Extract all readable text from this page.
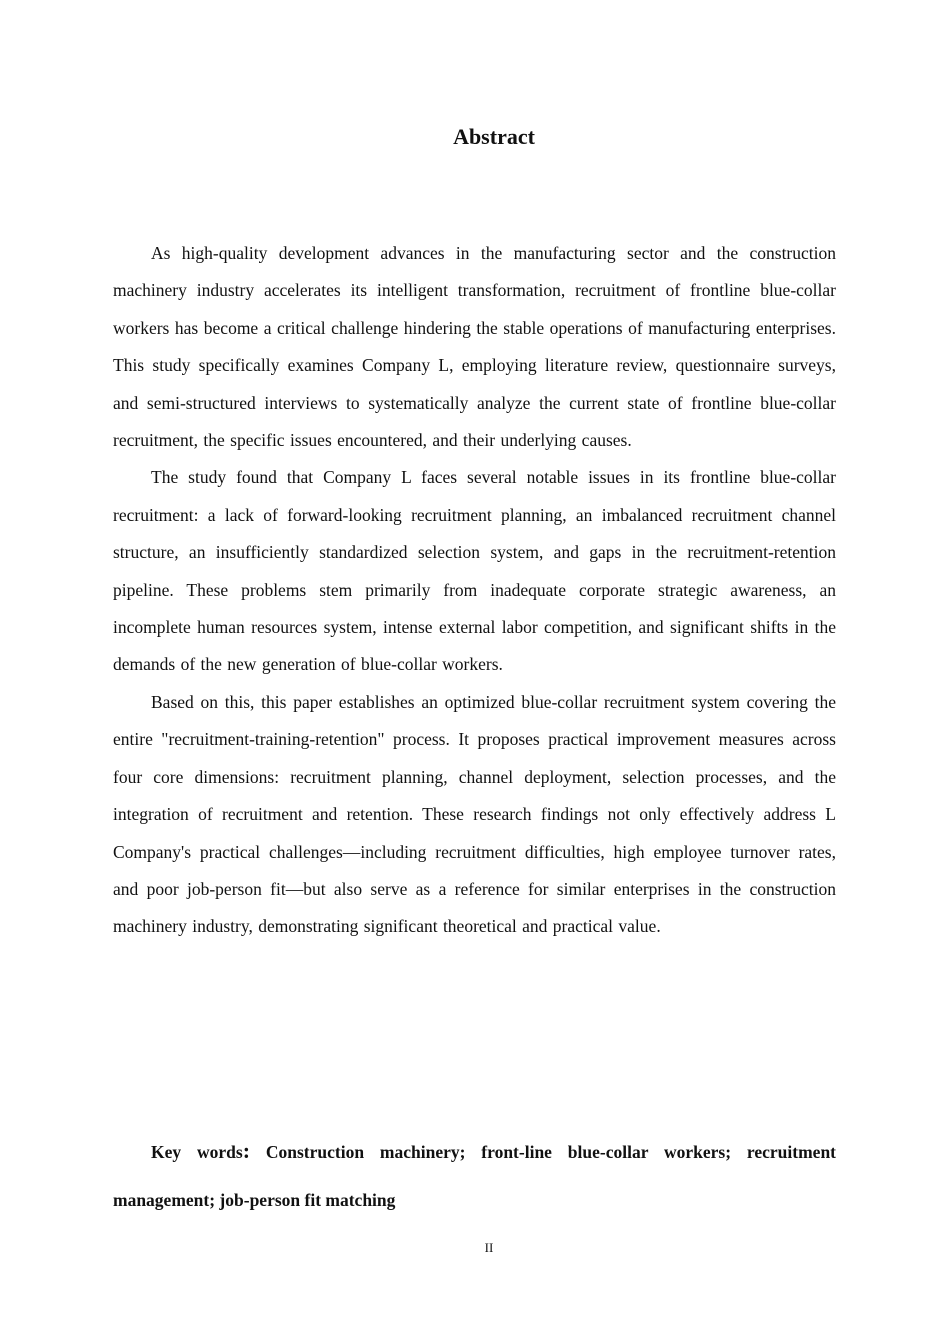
Abstract

As high-quality development advances in the manufacturing sector and the construction machinery industry accelerates its intelligent transformation, recruitment of frontline blue-collar workers has become a critical challenge hindering the stable operations of manufacturing enterprises. This study specifically examines Company L, employing literature review, questionnaire surveys, and semi-structured interviews to systematically analyze the current state of frontline blue-collar recruitment, the specific issues encountered, and their underlying causes.

The study found that Company L faces several notable issues in its frontline blue-collar recruitment: a lack of forward-looking recruitment planning, an imbalanced recruitment channel structure, an insufficiently standardized selection system, and gaps in the recruitment-retention pipeline. These problems stem primarily from inadequate corporate strategic awareness, an incomplete human resources system, intense external labor competition, and significant shifts in the demands of the new generation of blue-collar workers.

Based on this, this paper establishes an optimized blue-collar recruitment system covering the entire "recruitment-training-retention" process. It proposes practical improvement measures across four core dimensions: recruitment planning, channel deployment, selection processes, and the integration of recruitment and retention. These research findings not only effectively address L Company's practical challenges—including recruitment difficulties, high employee turnover rates, and poor job-person fit—but also serve as a reference for similar enterprises in the construction machinery industry, demonstrating significant theoretical and practical value.

Key words: Construction machinery; front-line blue-collar workers; recruitment management; job-person fit matching

II
